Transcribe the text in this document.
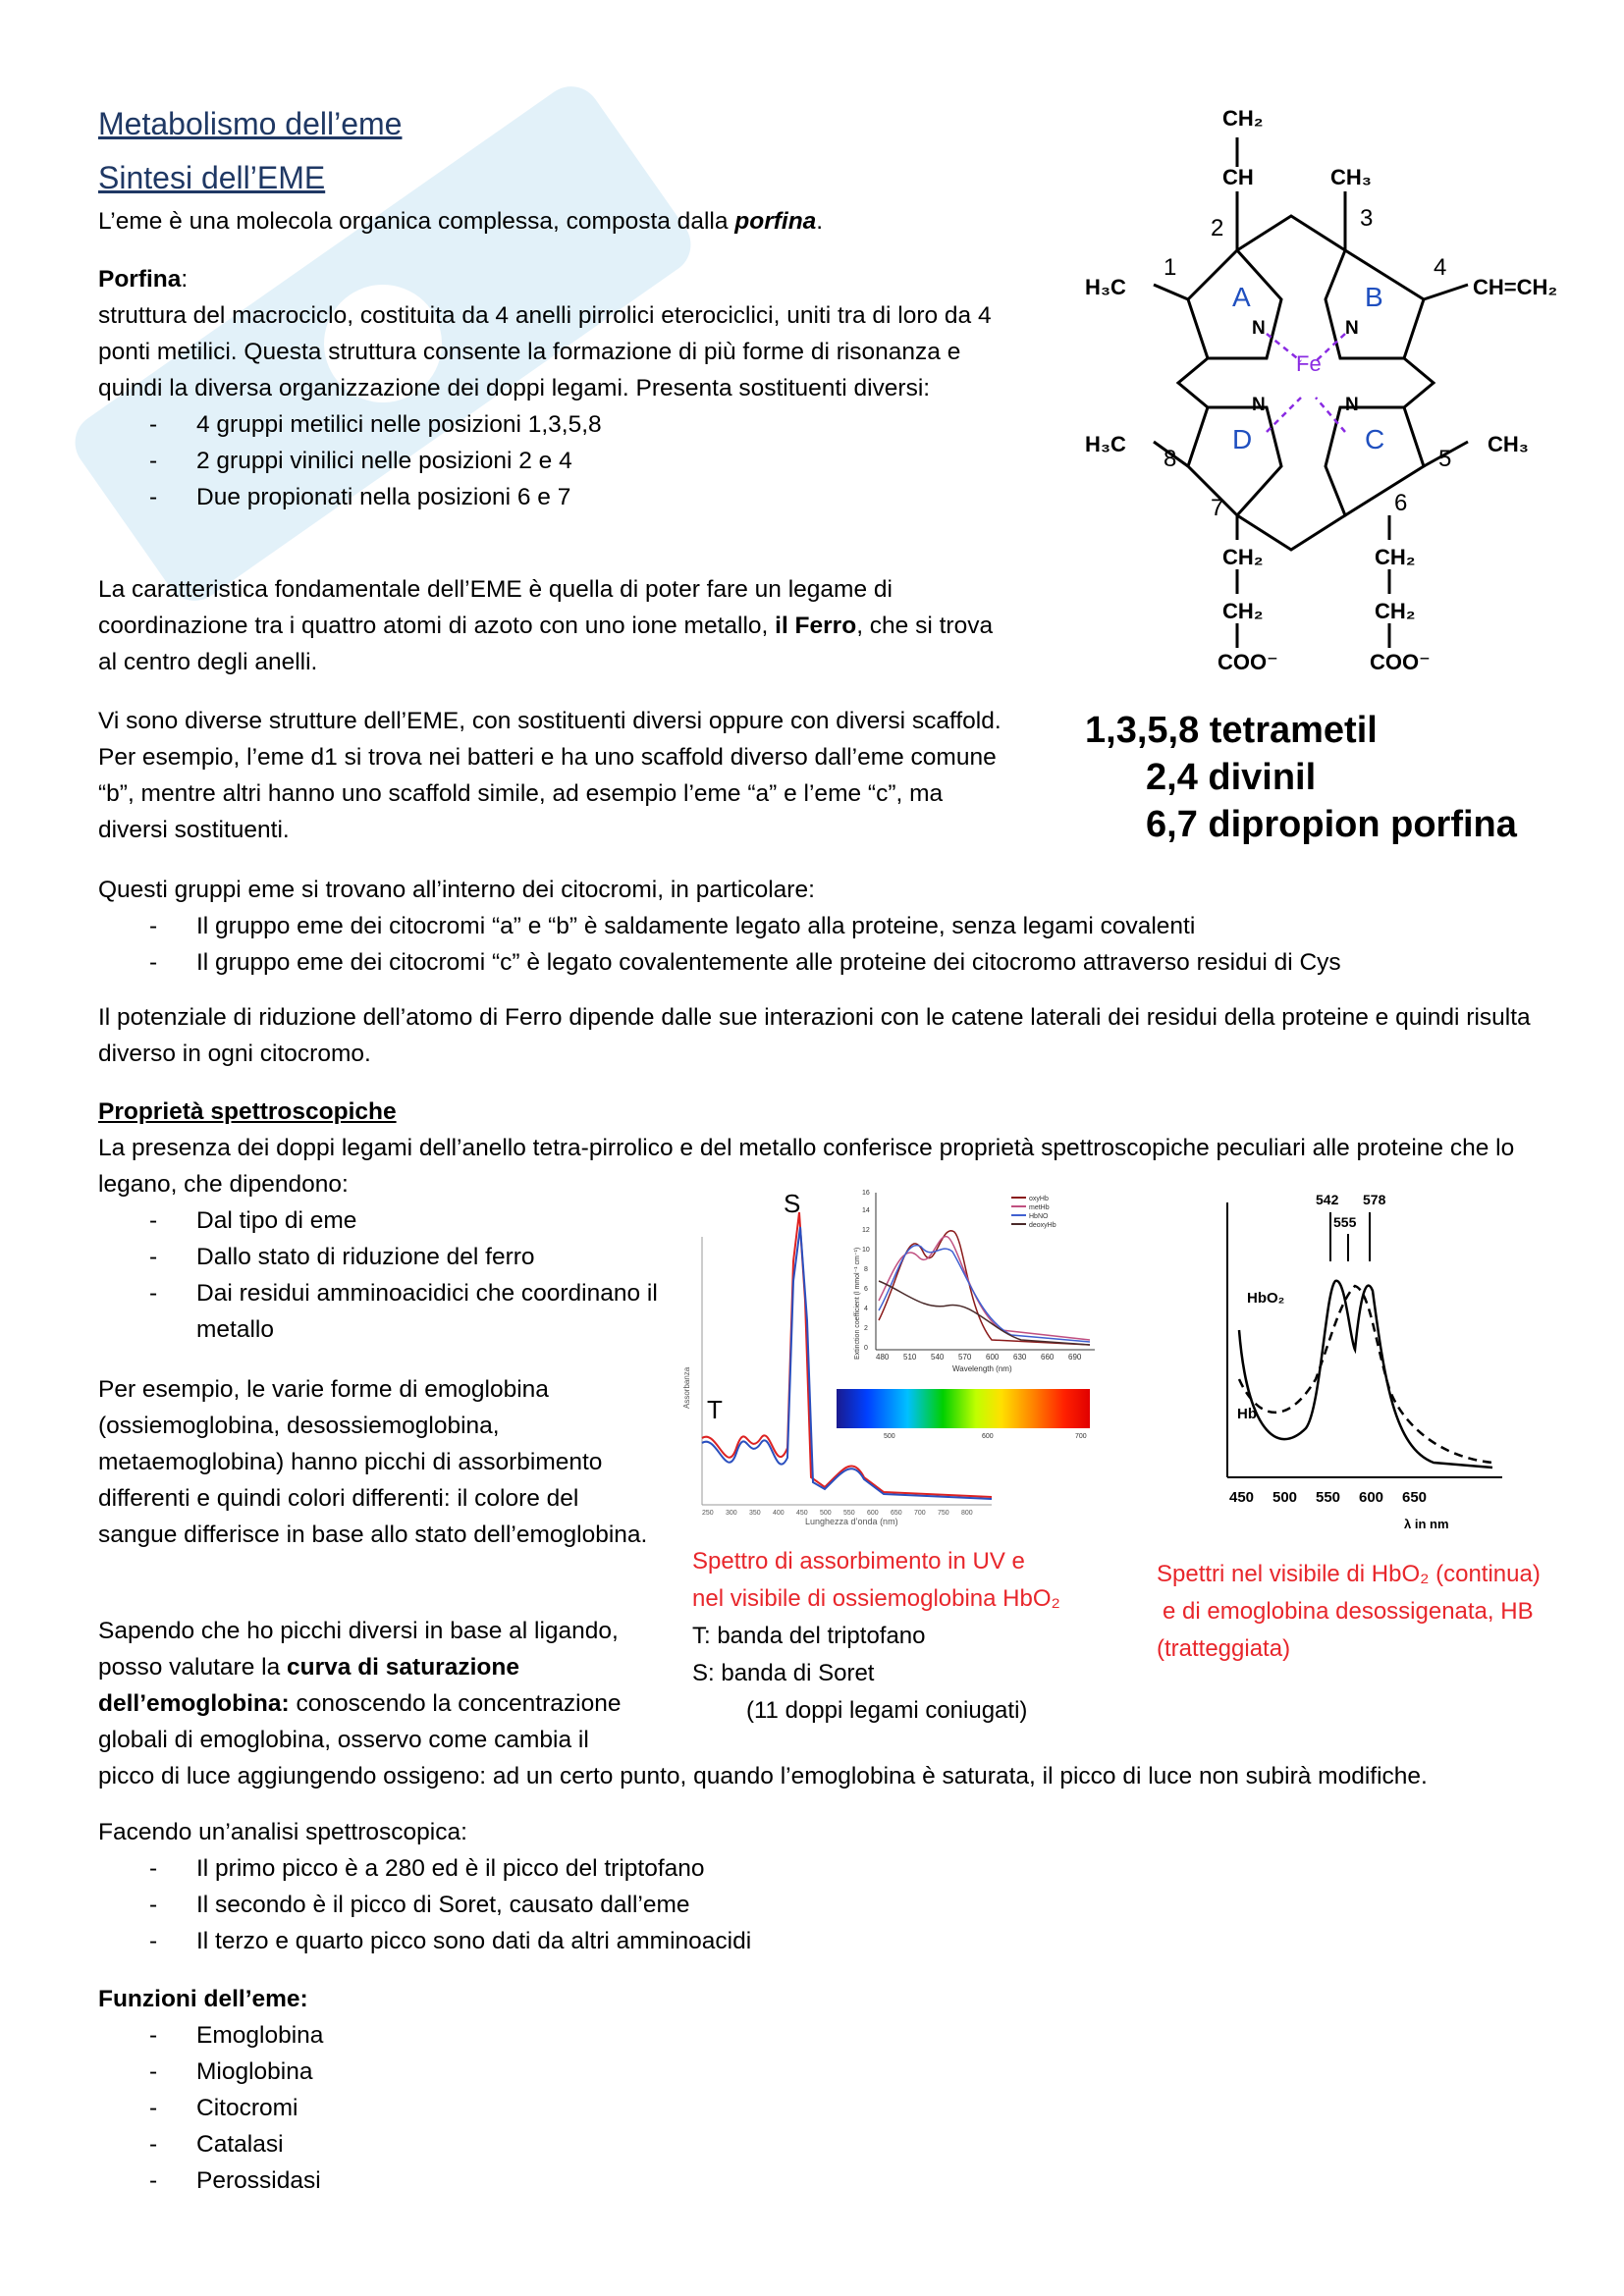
Metabolismo dell’eme
Sintesi dell’EME
L’eme è una molecola organica complessa, composta dalla porfina.
Porfina:
struttura del macrociclo, costituita da 4 anelli pirrolici eterociclici, uniti tra di loro da 4 ponti metilici. Questa struttura consente la formazione di più forme di risonanza e quindi la diversa organizzazione dei doppi legami. Presenta sostituenti diversi:
- 4 gruppi metilici nelle posizioni 1,3,5,8
- 2 gruppi vinilici nelle posizioni 2 e 4
- Due propionati nella posizioni 6 e 7
La caratteristica fondamentale dell’EME è quella di poter fare un legame di coordinazione tra i quattro atomi di azoto con uno ione metallo, il Ferro, che si trova al centro degli anelli.
Vi sono diverse strutture dell’EME, con sostituenti diversi oppure con diversi scaffold. Per esempio, l’eme d1 si trova nei batteri e ha uno scaffold diverso dall’eme comune “b”, mentre altri hanno uno scaffold simile, ad esempio l’eme “a” e l’eme “c”, ma diversi sostituenti.
CH₂
CH	CH₃
H₃C	CH=CH₂
H₃C	CH₃
CH₂
CH₂
COO⁻
CH₂
CH₂
COO⁻
N	N
N	N
Fe
A	B
C
D
1
2	3
4
5
6
7
8
1,3,5,8 tetrametil
2,4 divinil
6,7 dipropion porfina
Questi gruppi eme si trovano all’interno dei citocromi, in particolare:
- Il gruppo eme dei citocromi “a” e “b” è saldamente legato alla proteine, senza legami covalenti
- Il gruppo eme dei citocromi “c” è legato covalentemente alle proteine dei citocromo attraverso residui di Cys
Il potenziale di riduzione dell’atomo di Ferro dipende dalle sue interazioni con le catene laterali dei residui della proteine e quindi risulta diverso in ogni citocromo.
Proprietà spettroscopiche
La presenza dei doppi legami dell’anello tetra-pirrolico e del metallo conferisce proprietà spettroscopiche peculiari alle proteine che lo legano, che dipendono:
- Dal tipo di eme
- Dallo stato di riduzione del ferro
- Dai residui amminoacidici che coordinano il metallo
Per esempio, le varie forme di emoglobina (ossiemoglobina, desossiemoglobina, metaemoglobina) hanno picchi di assorbimento differenti e quindi colori differenti: il colore del sangue differisce in base allo stato dell’emoglobina.
Sapendo che ho picchi diversi in base al ligando, posso valutare la curva di saturazione dell’emoglobina: conoscendo la concentrazione globali di emoglobina, osservo come cambia il
picco di luce aggiungendo ossigeno: ad un certo punto, quando l’emoglobina è saturata, il picco di luce non subirà modifiche.
Assorbanza
Lunghezza d’onda (nm)
250 300 350 400 450 500 550 600 650 700 750 800
S
T
Extinction coefficient (l mmol⁻¹ cm⁻¹) 0
2
4
6
8
10
12
14
16
480 510 540 570 600 630 660 690
Wavelength (nm)
oxyHb
metHb
HbNO
deoxyHb
500	600	700
Spettro di assorbimento in UV e
nel visibile di ossiemoglobina HbO₂
T: banda del triptofano
S: banda di Soret
(11 doppi legami coniugati)
542 578
555
HbO₂
Hb
450 500 550 600 650
λ in nm
Spettri nel visibile di HbO₂ (continua)
e di emoglobina desossigenata, HB
(tratteggiata)
Facendo un’analisi spettroscopica:
- Il primo picco è a 280 ed è il picco del triptofano
- Il secondo è il picco di Soret, causato dall’eme
- Il terzo e quarto picco sono dati da altri amminoacidi
Funzioni dell’eme:
- Emoglobina
- Mioglobina
- Citocromi
- Catalasi
- Perossidasi
